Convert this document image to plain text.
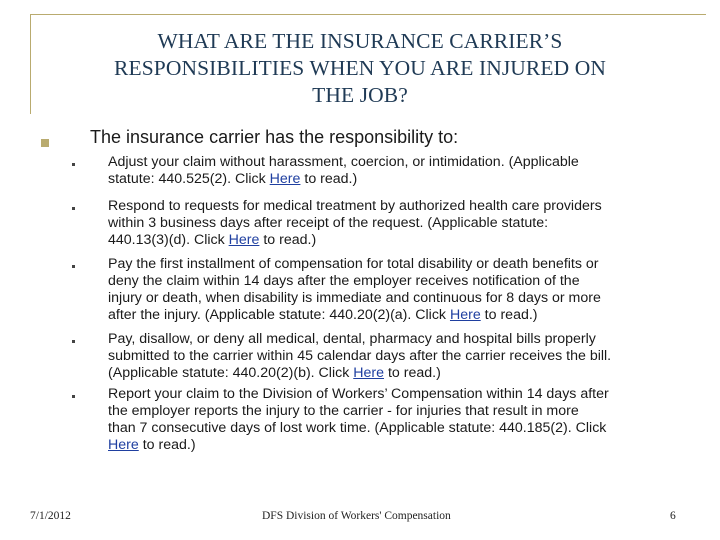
WHAT ARE THE INSURANCE CARRIER’S
RESPONSIBILITIES WHEN YOU ARE INJURED ON
THE JOB?
The insurance carrier has the responsibility to:
Adjust your claim without harassment, coercion, or intimidation. (Applicable
statute: 440.525(2). Click Here to read.)
Respond to requests for medical treatment by authorized health care providers
within 3 business days after receipt of the request. (Applicable statute:
440.13(3)(d). Click Here to read.)
Pay the first installment of compensation for total disability or death benefits or
deny the claim within 14 days after the employer receives notification of the
injury or death, when disability is immediate and continuous for 8 days or more
after the injury. (Applicable statute: 440.20(2)(a). Click Here to read.)
Pay, disallow, or deny all medical, dental, pharmacy and hospital bills properly
submitted to the carrier within 45 calendar days after the carrier receives the bill.
(Applicable statute: 440.20(2)(b). Click Here to read.)
Report your claim to the Division of Workers’ Compensation within 14 days after
the employer reports the injury to the carrier - for injuries that result in more
than 7 consecutive days of lost work time. (Applicable statute: 440.185(2). Click
Here to read.)
7/1/2012	DFS Division of Workers' Compensation	6
